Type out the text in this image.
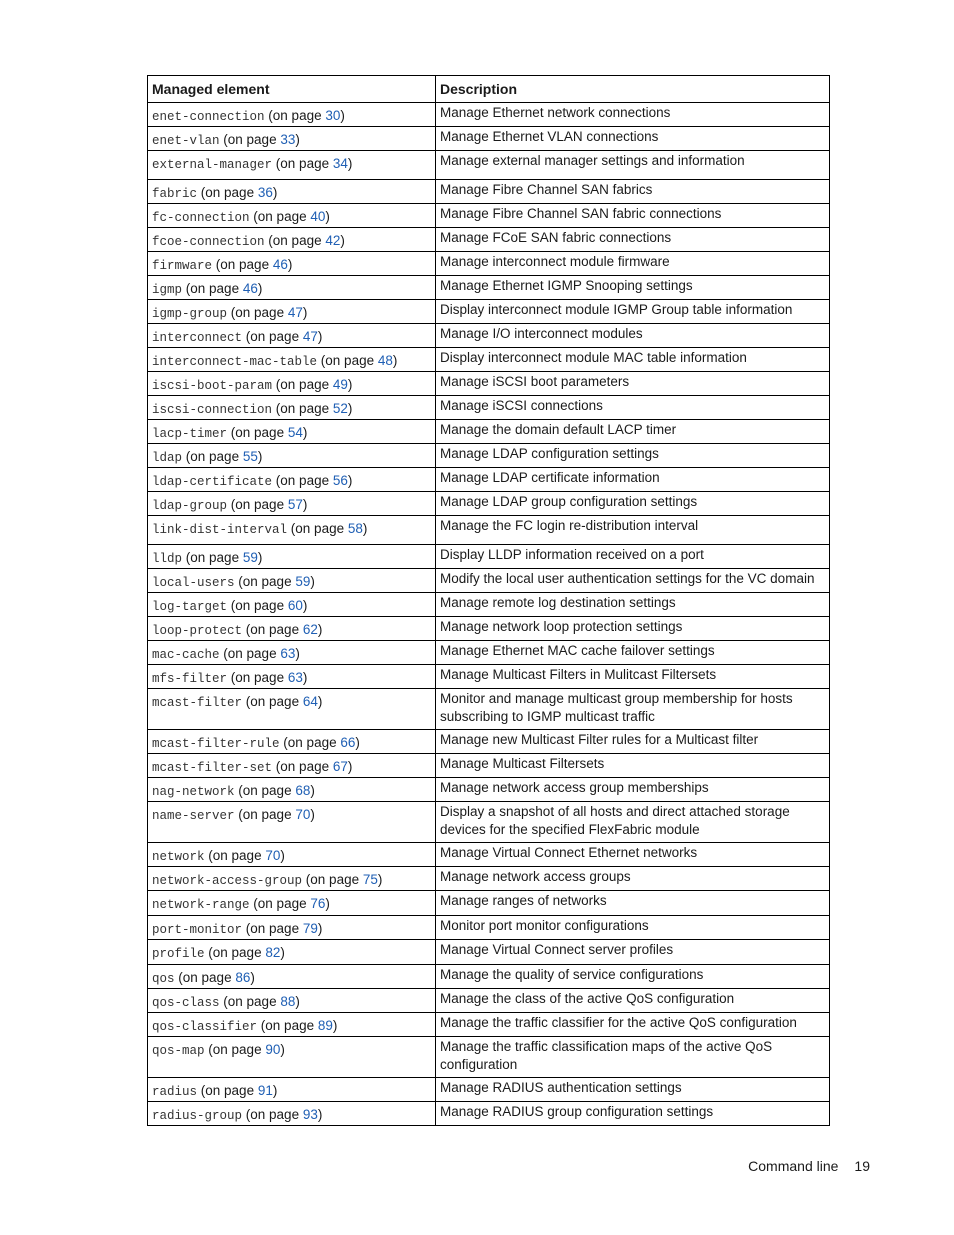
Managed element	Description
enet-connection (on page 30)	Manage Ethernet network connections
enet-vlan (on page 33)	Manage Ethernet VLAN connections
external-manager (on page 34)	Manage external manager settings and information
fabric (on page 36)	Manage Fibre Channel SAN fabrics
fc-connection (on page 40)	Manage Fibre Channel SAN fabric connections
fcoe-connection (on page 42)	Manage FCoE SAN fabric connections
firmware (on page 46)	Manage interconnect module firmware
igmp (on page 46)	Manage Ethernet IGMP Snooping settings
igmp-group (on page 47)	Display interconnect module IGMP Group table information
interconnect (on page 47)	Manage I/O interconnect modules
interconnect-mac-table (on page 48)	Display interconnect module MAC table information
iscsi-boot-param (on page 49)	Manage iSCSI boot parameters
iscsi-connection (on page 52)	Manage iSCSI connections
lacp-timer (on page 54)	Manage the domain default LACP timer
ldap (on page 55)	Manage LDAP configuration settings
ldap-certificate (on page 56)	Manage LDAP certificate information
ldap-group (on page 57)	Manage LDAP group configuration settings
link-dist-interval (on page 58)	Manage the FC login re-distribution interval
lldp (on page 59)	Display LLDP information received on a port
local-users (on page 59)	Modify the local user authentication settings for the VC domain
log-target (on page 60)	Manage remote log destination settings
loop-protect (on page 62)	Manage network loop protection settings
mac-cache (on page 63)	Manage Ethernet MAC cache failover settings
mfs-filter (on page 63)	Manage Multicast Filters in Mulitcast Filtersets
mcast-filter (on page 64)	Monitor and manage multicast group membership for hosts subscribing to IGMP multicast traffic
mcast-filter-rule (on page 66)	Manage new Multicast Filter rules for a Multicast filter
mcast-filter-set (on page 67)	Manage Multicast Filtersets
nag-network (on page 68)	Manage network access group memberships
name-server (on page 70)	Display a snapshot of all hosts and direct attached storage devices for the specified FlexFabric module
network (on page 70)	Manage Virtual Connect Ethernet networks
network-access-group (on page 75)	Manage network access groups
network-range (on page 76)	Manage ranges of networks
port-monitor (on page 79)	Monitor port monitor configurations
profile (on page 82)	Manage Virtual Connect server profiles
qos (on page 86)	Manage the quality of service configurations
qos-class (on page 88)	Manage the class of the active QoS configuration
qos-classifier (on page 89)	Manage the traffic classifier for the active QoS configuration
qos-map (on page 90)	Manage the traffic classification maps of the active QoS configuration
radius (on page 91)	Manage RADIUS authentication settings
radius-group (on page 93)	Manage RADIUS group configuration settings
Command line 19
